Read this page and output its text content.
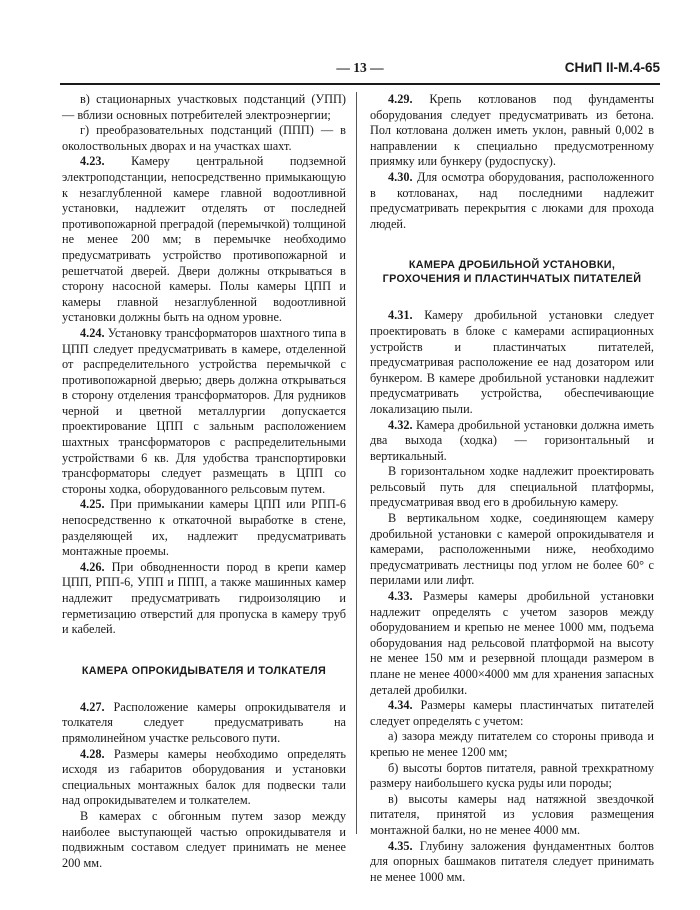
— 13 —	СНиП II-М.4-65

в) стационарных участковых подстанций (УПП) — вблизи основных потребителей электроэнергии;

г) преобразовательных подстанций (ППП) — в околоствольных дворах и на участках шахт.

4.23. Камеру центральной подземной электроподстанции, непосредственно примыкающую к незаглубленной камере главной водоотливной установки, надлежит отделять от последней противопожарной преградой (перемычкой) толщиной не менее 200 мм; в перемычке необходимо предусматривать устройство противопожарной и решетчатой дверей. Двери должны открываться в сторону насосной камеры. Полы камеры ЦПП и камеры главной незаглубленной водоотливной установки должны быть на одном уровне.

4.24. Установку трансформаторов шахтного типа в ЦПП следует предусматривать в камере, отделенной от распределительного устройства перемычкой с противопожарной дверью; дверь должна открываться в сторону отделения трансформаторов. Для рудников черной и цветной металлургии допускается проектирование ЦПП с зальным расположением шахтных трансформаторов с распределительными устройствами 6 кв. Для удобства транспортировки трансформаторы следует размещать в ЦПП со стороны ходка, оборудованного рельсовым путем.

4.25. При примыкании камеры ЦПП или РПП-6 непосредственно к откаточной выработке в стене, разделяющей их, надлежит предусматривать монтажные проемы.

4.26. При обводненности пород в крепи камер ЦПП, РПП-6, УПП и ППП, а также машинных камер надлежит предусматривать гидроизоляцию и герметизацию отверстий для пропуска в камеру труб и кабелей.

КАМЕРА ОПРОКИДЫВАТЕЛЯ И ТОЛКАТЕЛЯ

4.27. Расположение камеры опрокидывателя и толкателя следует предусматривать на прямолинейном участке рельсового пути.

4.28. Размеры камеры необходимо определять исходя из габаритов оборудования и установки специальных монтажных балок для подвески тали над опрокидывателем и толкателем.

В камерах с обгонным путем зазор между наиболее выступающей частью опрокидывателя и подвижным составом следует принимать не менее 200 мм.

4.29. Крепь котлованов под фундаменты оборудования следует предусматривать из бетона. Пол котлована должен иметь уклон, равный 0,002 в направлении к специально предусмотренному приямку или бункеру (рудоспуску).

4.30. Для осмотра оборудования, расположенного в котлованах, над последними надлежит предусматривать перекрытия с люками для прохода людей.

КАМЕРА ДРОБИЛЬНОЙ УСТАНОВКИ,
ГРОХОЧЕНИЯ И ПЛАСТИНЧАТЫХ ПИТАТЕЛЕЙ

4.31. Камеру дробильной установки следует проектировать в блоке с камерами аспирационных устройств и пластинчатых питателей, предусматривая расположение ее над дозатором или бункером. В камере дробильной установки надлежит предусматривать устройства, обеспечивающие локализацию пыли.

4.32. Камера дробильной установки должна иметь два выхода (ходка) — горизонтальный и вертикальный.

В горизонтальном ходке надлежит проектировать рельсовый путь для специальной платформы, предусматривая ввод его в дробильную камеру.

В вертикальном ходке, соединяющем камеру дробильной установки с камерой опрокидывателя и камерами, расположенными ниже, необходимо предусматривать лестницы под углом не более 60° с перилами или лифт.

4.33. Размеры камеры дробильной установки надлежит определять с учетом зазоров между оборудованием и крепью не менее 1000 мм, подъема оборудования над рельсовой платформой на высоту не менее 150 мм и резервной площади размером в плане не менее 4000×4000 мм для хранения запасных деталей дробилки.

4.34. Размеры камеры пластинчатых питателей следует определять с учетом:

а) зазора между питателем со стороны привода и крепью не менее 1200 мм;

б) высоты бортов питателя, равной трехкратному размеру наибольшего куска руды или породы;

в) высоты камеры над натяжной звездочкой питателя, принятой из условия размещения монтажной балки, но не менее 4000 мм.

4.35. Глубину заложения фундаментных болтов для опорных башмаков питателя следует принимать не менее 1000 мм.
